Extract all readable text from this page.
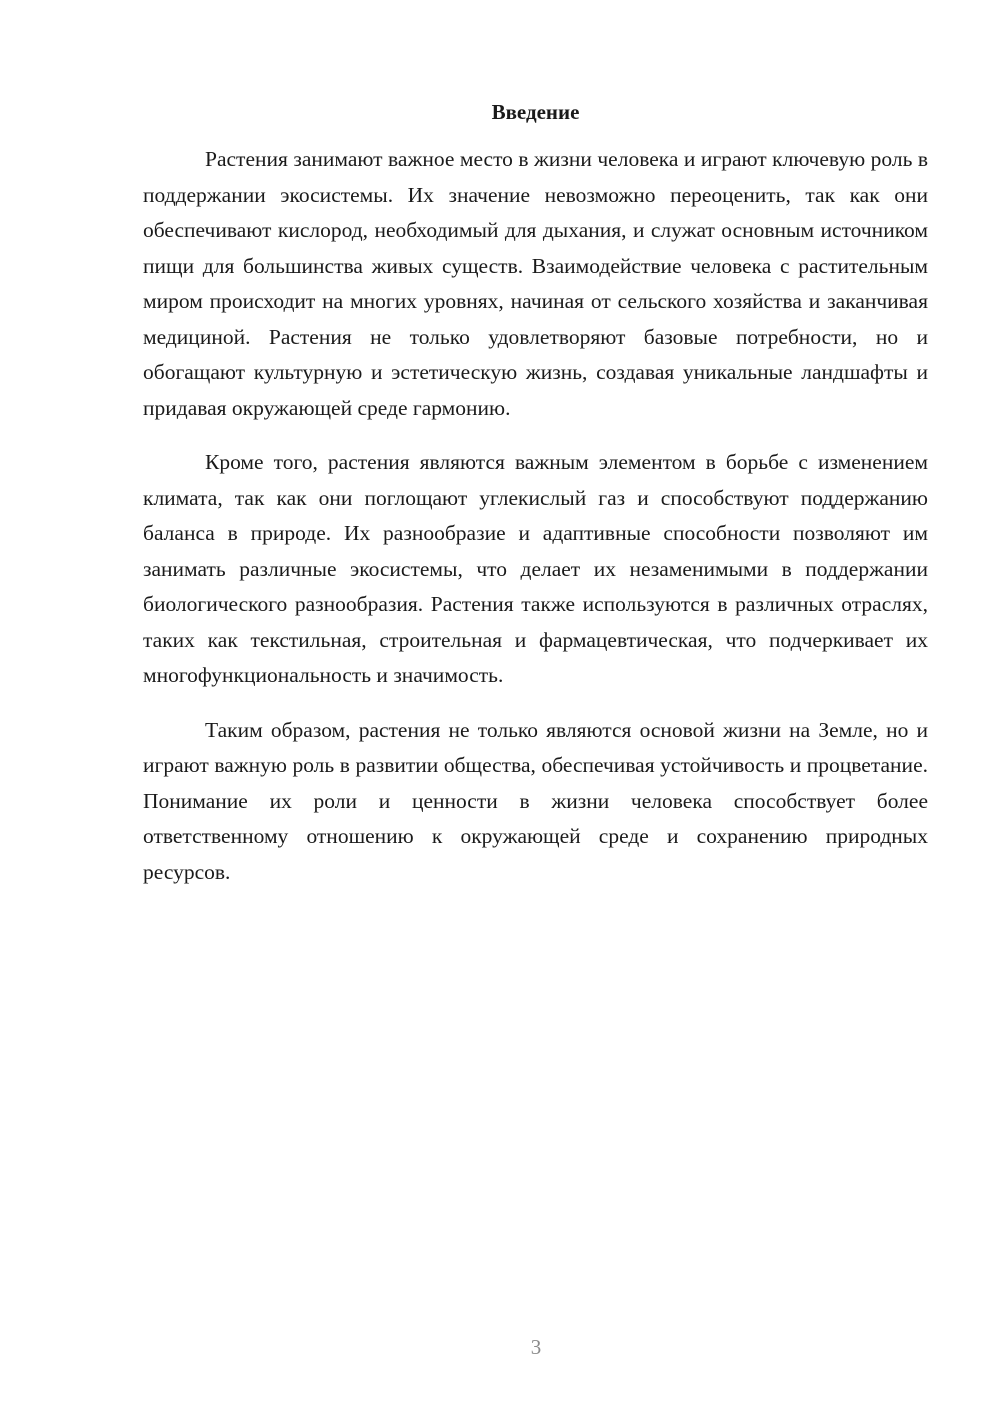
Введение

Растения занимают важное место в жизни человека и играют ключевую роль в поддержании экосистемы. Их значение невозможно переоценить, так как они обеспечивают кислород, необходимый для дыхания, и служат основным источником пищи для большинства живых существ. Взаимодействие человека с растительным миром происходит на многих уровнях, начиная от сельского хозяйства и заканчивая медициной. Растения не только удовлетворяют базовые потребности, но и обогащают культурную и эстетическую жизнь, создавая уникальные ландшафты и придавая окружающей среде гармонию.

Кроме того, растения являются важным элементом в борьбе с изменением климата, так как они поглощают углекислый газ и способствуют поддержанию баланса в природе. Их разнообразие и адаптивные способности позволяют им занимать различные экосистемы, что делает их незаменимыми в поддержании биологического разнообразия. Растения также используются в различных отраслях, таких как текстильная, строительная и фармацевтическая, что подчеркивает их многофункциональность и значимость.

Таким образом, растения не только являются основой жизни на Земле, но и играют важную роль в развитии общества, обеспечивая устойчивость и процветание. Понимание их роли и ценности в жизни человека способствует более ответственному отношению к окружающей среде и сохранению природных ресурсов.

3
